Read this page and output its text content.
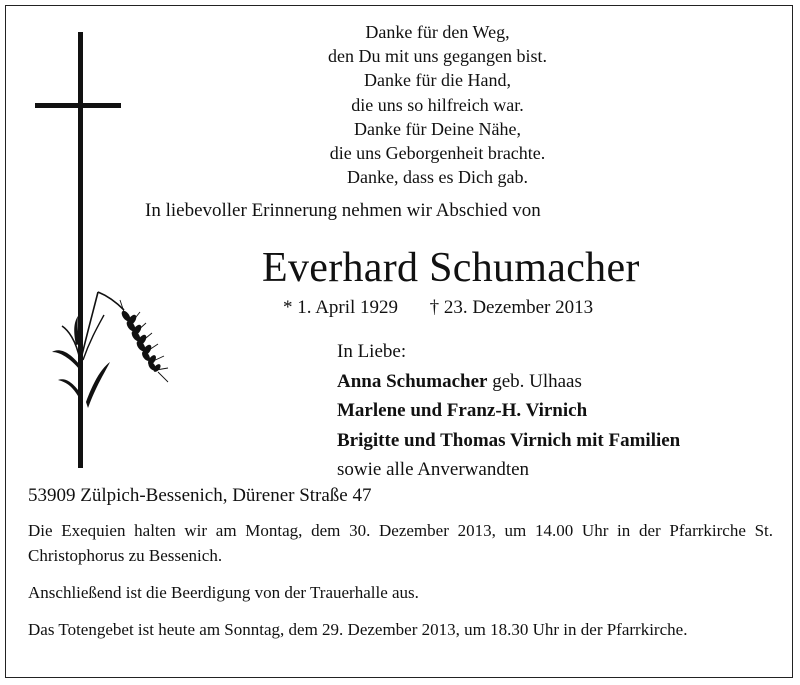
Danke für den Weg,
den Du mit uns gegangen bist.
Danke für die Hand,
die uns so hilfreich war.
Danke für Deine Nähe,
die uns Geborgenheit brachte.
Danke, dass es Dich gab.
In liebevoller Erinnerung nehmen wir Abschied von
Everhard Schumacher
* 1. April 1929 † 23. Dezember 2013
In Liebe:
Anna Schumacher geb. Ulhaas
Marlene und Franz-H. Virnich
Brigitte und Thomas Virnich mit Familien
sowie alle Anverwandten
53909 Zülpich-Bessenich, Dürener Straße 47
Die Exequien halten wir am Montag, dem 30. Dezember 2013, um 14.00 Uhr in der Pfarrkirche St. Christophorus zu Bessenich.
Anschließend ist die Beerdigung von der Trauerhalle aus.
Das Totengebet ist heute am Sonntag, dem 29. Dezember 2013, um 18.30 Uhr in der Pfarrkirche.
